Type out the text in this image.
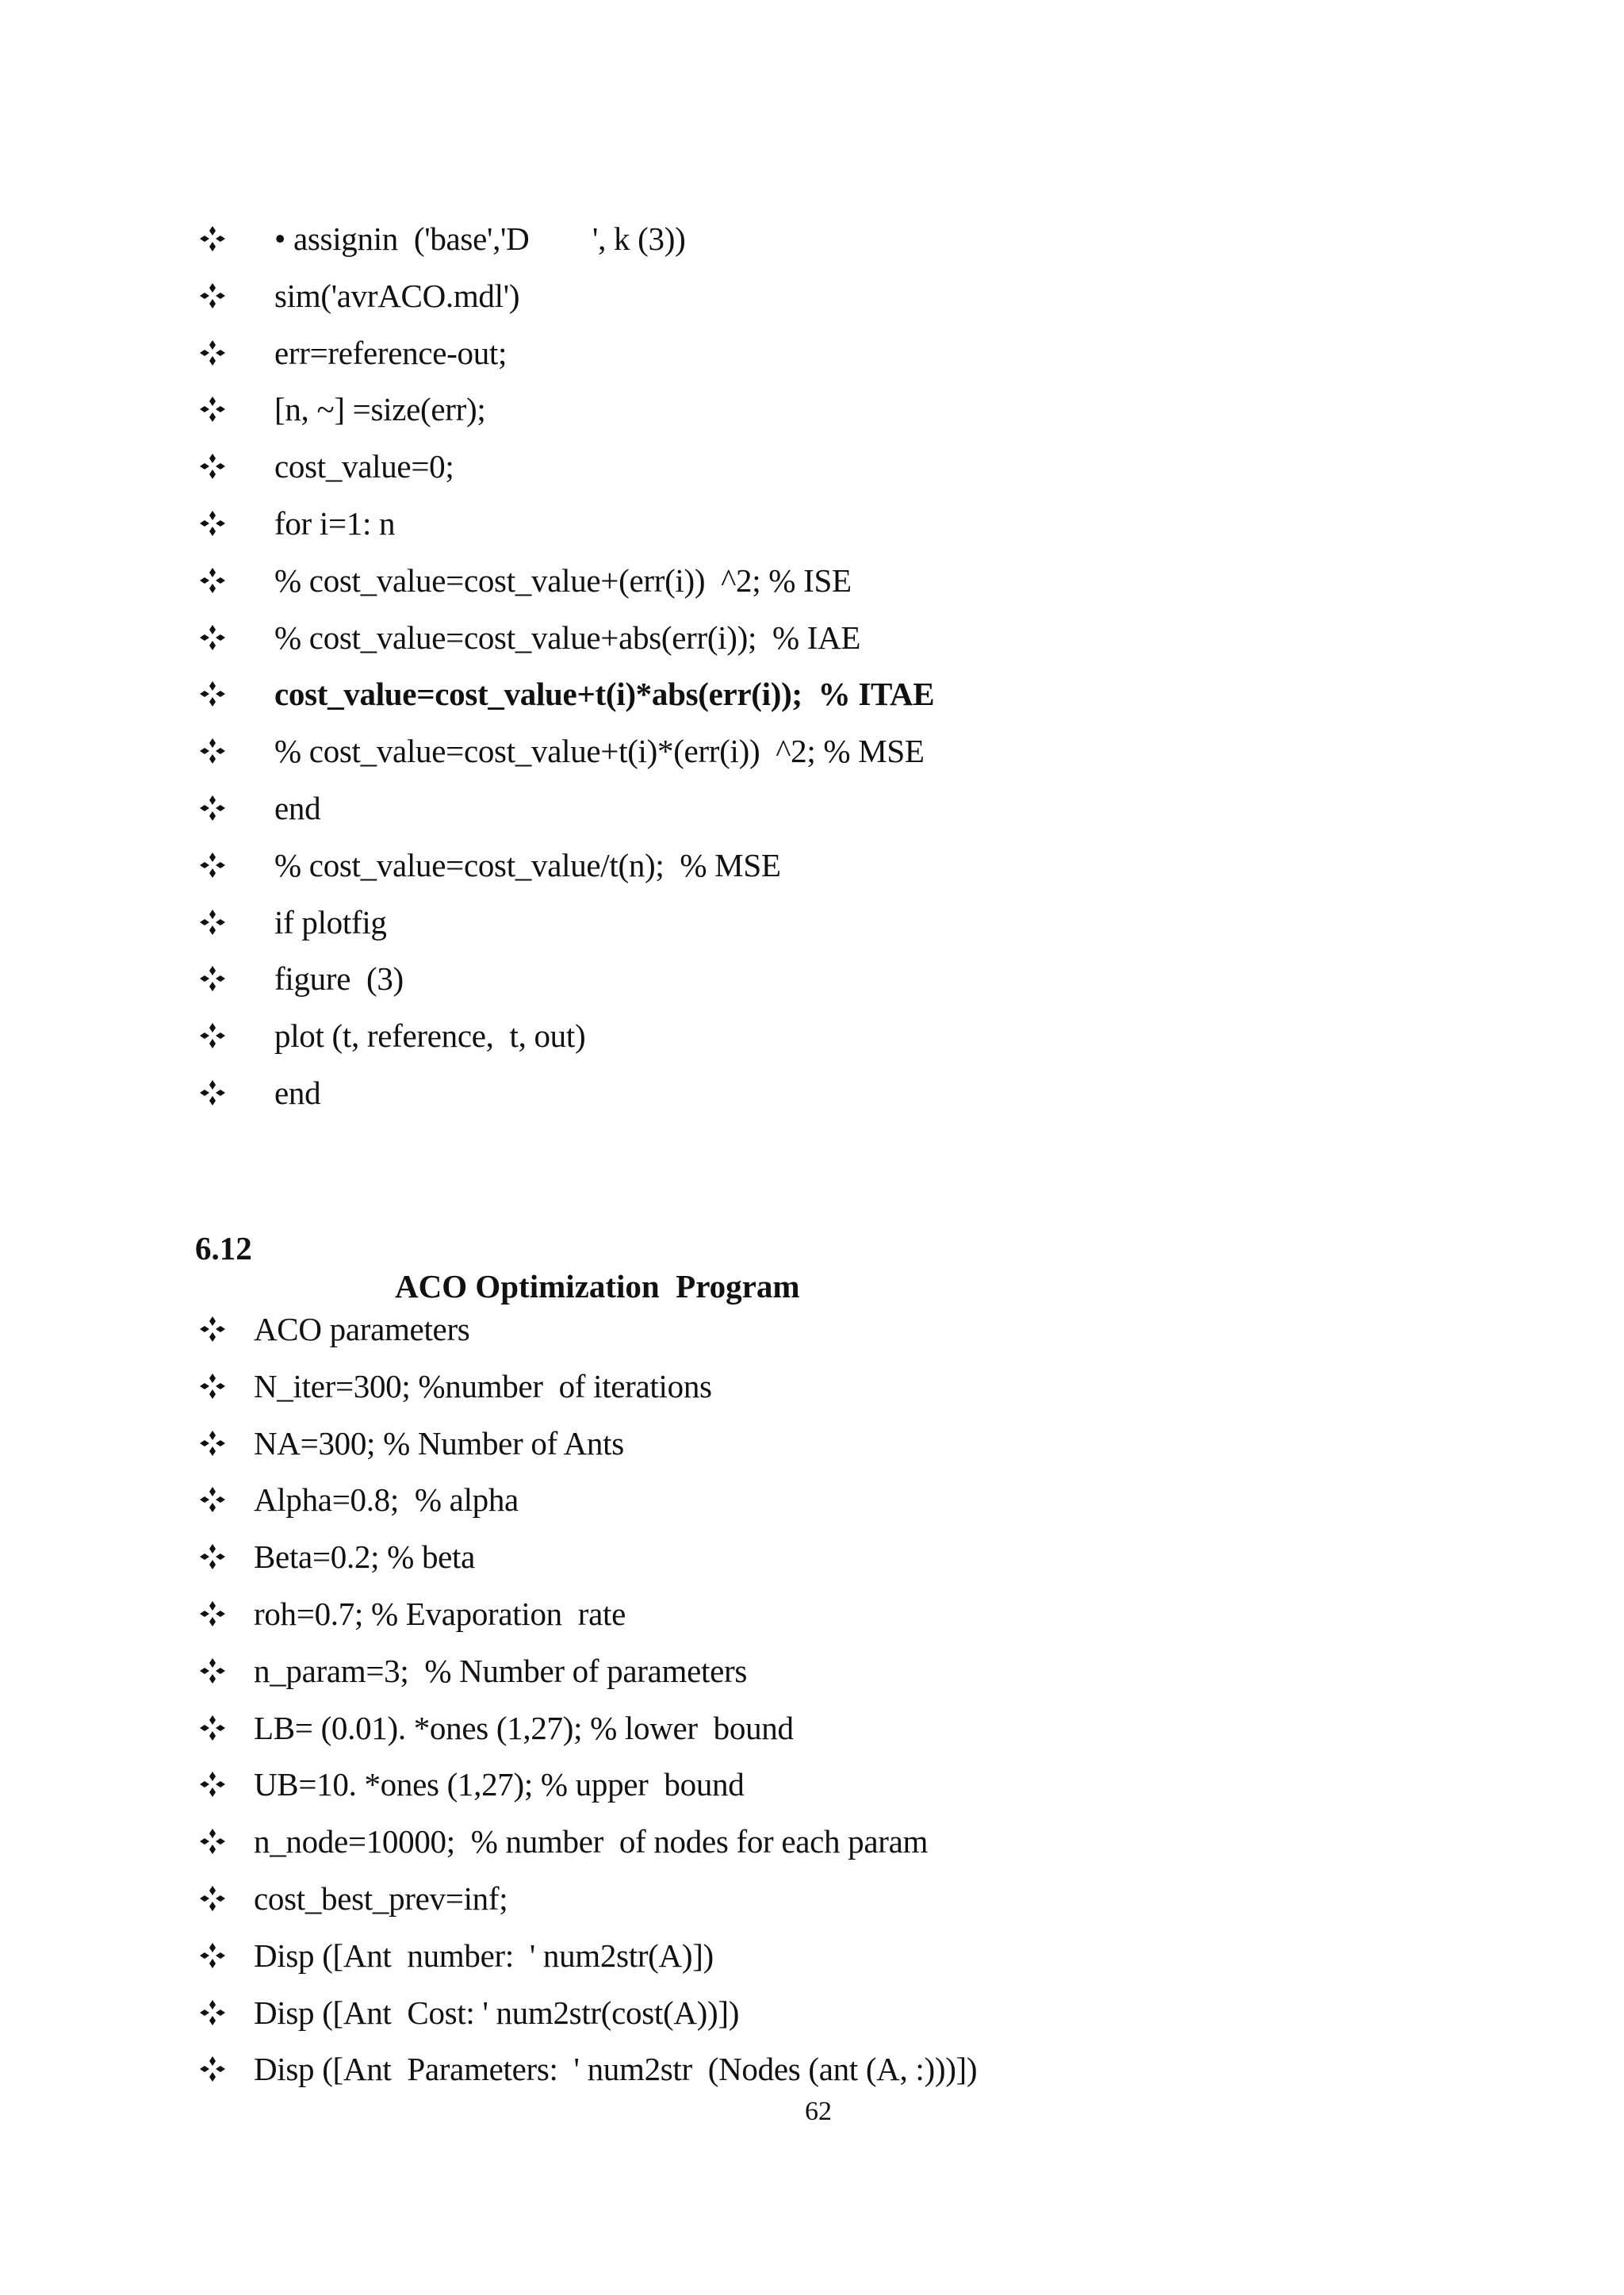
• assignin  ('base','D        ', k (3))
sim('avrACO.mdl')
err=reference-out;
[n, ~] =size(err);
cost_value=0;
for i=1: n
% cost_value=cost_value+(err(i))  ^2; % ISE
% cost_value=cost_value+abs(err(i));  % IAE
cost_value=cost_value+t(i)*abs(err(i));  % ITAE
% cost_value=cost_value+t(i)*(err(i))  ^2; % MSE
end
% cost_value=cost_value/t(n);  % MSE
if plotfig
figure  (3)
plot (t, reference,  t, out)
end

6.12

ACO Optimization  Program

ACO parameters
N_iter=300; %number  of iterations
NA=300; % Number of Ants
Alpha=0.8;  % alpha
Beta=0.2; % beta
roh=0.7; % Evaporation  rate
n_param=3;  % Number of parameters
LB= (0.01). *ones (1,27); % lower  bound
UB=10. *ones (1,27); % upper  bound
n_node=10000;  % number  of nodes for each param
cost_best_prev=inf;
Disp ([Ant  number:  ' num2str(A)])
Disp ([Ant  Cost: ' num2str(cost(A))])
Disp ([Ant  Parameters:  ' num2str  (Nodes (ant (A, :)))])
62
